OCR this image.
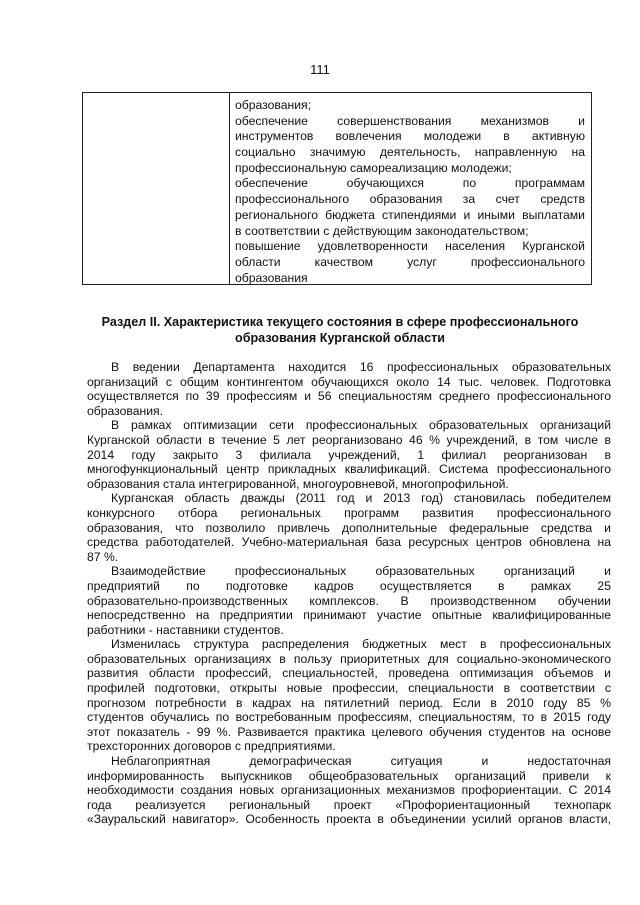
111
образования;
обеспечение совершенствования механизмов и
инструментов вовлечения молодежи в активную
социально значимую деятельность, направленную на
профессиональную самореализацию молодежи;
обеспечение обучающихся по программам
профессионального образования за счет средств
регионального бюджета стипендиями и иными выплатами
в соответствии с действующим законодательством;
повышение удовлетворенности населения Курганской
области качеством услуг профессионального
образования
Раздел II. Характеристика текущего состояния в сфере профессионального
образования Курганской области
В ведении Департамента находится 16 профессиональных образовательных
организаций с общим контингентом обучающихся около 14 тыс. человек. Подготовка
осуществляется по 39 профессиям и 56 специальностям среднего профессионального
образования.
В рамках оптимизации сети профессиональных образовательных организаций
Курганской области в течение 5 лет реорганизовано 46 % учреждений, в том числе в
2014 году закрыто 3 филиала учреждений, 1 филиал реорганизован в
многофункциональный центр прикладных квалификаций. Система профессионального
образования стала интегрированной, многоуровневой, многопрофильной.
Курганская область дважды (2011 год и 2013 год) становилась победителем
конкурсного отбора региональных программ развития профессионального
образования, что позволило привлечь дополнительные федеральные средства и
средства работодателей. Учебно-материальная база ресурсных центров обновлена на
87 %.
Взаимодействие профессиональных образовательных организаций и
предприятий по подготовке кадров осуществляется в рамках 25
образовательно-производственных комплексов. В производственном обучении
непосредственно на предприятии принимают участие опытные квалифицированные
работники - наставники студентов.
Изменилась структура распределения бюджетных мест в профессиональных
образовательных организациях в пользу приоритетных для социально-экономического
развития области профессий, специальностей, проведена оптимизация объемов и
профилей подготовки, открыты новые профессии, специальности в соответствии с
прогнозом потребности в кадрах на пятилетний период. Если в 2010 году 85 %
студентов обучались по востребованным профессиям, специальностям, то в 2015 году
этот показатель - 99 %. Развивается практика целевого обучения студентов на основе
трехсторонних договоров с предприятиями.
Неблагоприятная демографическая ситуация и недостаточная
информированность выпускников общеобразовательных организаций привели к
необходимости создания новых организационных механизмов профориентации. С 2014
года реализуется региональный проект «Профориентационный технопарк
«Зауральский навигатор». Особенность проекта в объединении усилий органов власти,
